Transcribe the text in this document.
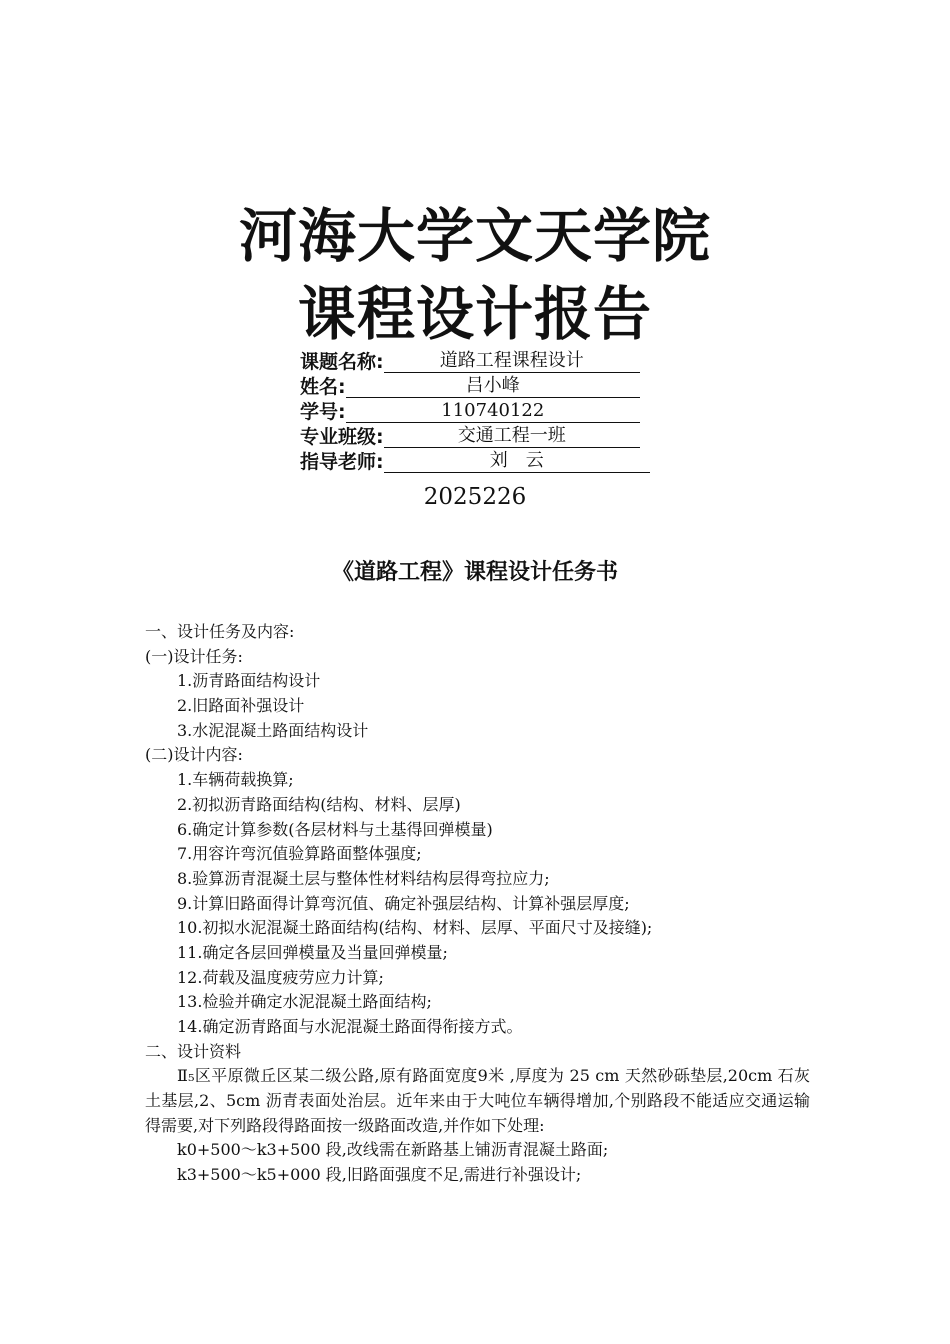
河海大学文天学院
课程设计报告
课题名称:	道路工程课程设计
姓名:	吕小峰
学号:	110740122
专业班级:	交通工程一班
指导老师:	刘　云
2025226
《道路工程》课程设计任务书

一、设计任务及内容:

(一)设计任务:

1.沥青路面结构设计

2.旧路面补强设计

3.水泥混凝土路面结构设计

(二)设计内容:

1.车辆荷载换算;

2.初拟沥青路面结构(结构、材料、层厚)

6.确定计算参数(各层材料与土基得回弹模量)

7.用容许弯沉值验算路面整体强度;

8.验算沥青混凝土层与整体性材料结构层得弯拉应力;

9.计算旧路面得计算弯沉值、确定补强层结构、计算补强层厚度;

10.初拟水泥混凝土路面结构(结构、材料、层厚、平面尺寸及接缝);

11.确定各层回弹模量及当量回弹模量;

12.荷载及温度疲劳应力计算;

13.检验并确定水泥混凝土路面结构;

14.确定沥青路面与水泥混凝土路面得衔接方式。

二、设计资料

Ⅱ₅区平原微丘区某二级公路,原有路面宽度9米 ,厚度为 25 cm 天然砂砾垫层,20cm 石灰土基层,2、5cm 沥青表面处治层。近年来由于大吨位车辆得增加,个别路段不能适应交通运输得需要,对下列路段得路面按一级路面改造,并作如下处理:

k0+500～k3+500 段,改线需在新路基上铺沥青混凝土路面;

k3+500～k5+000 段,旧路面强度不足,需进行补强设计;
